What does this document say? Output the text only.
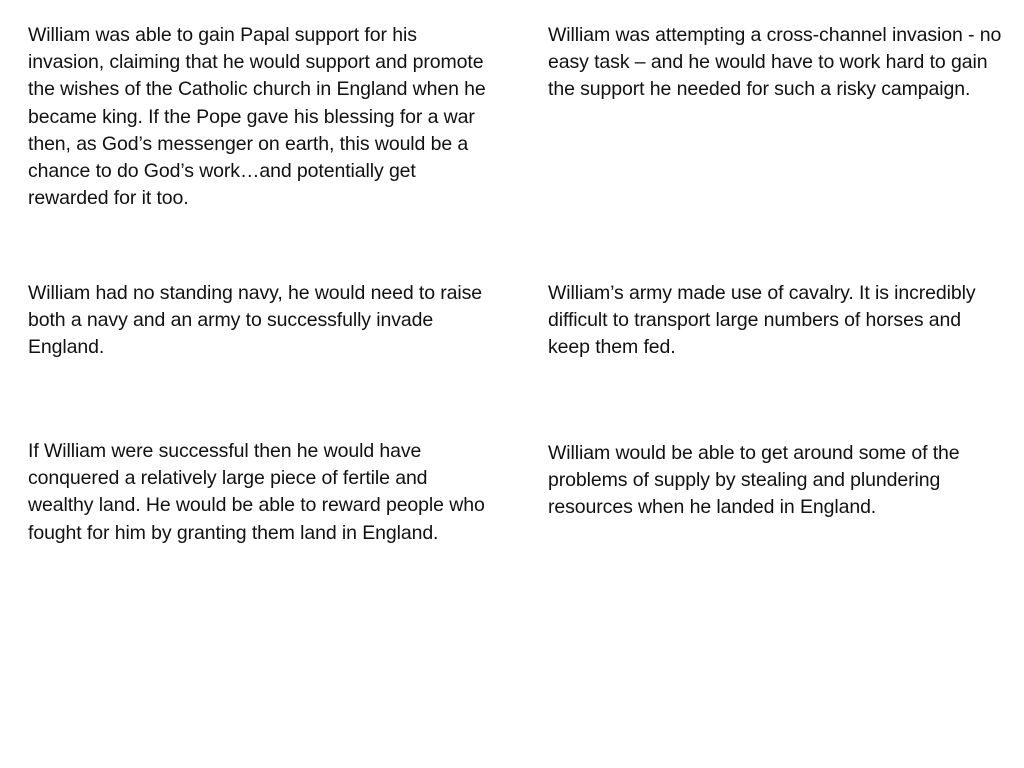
William was able to gain Papal support for his invasion, claiming that he would support and promote the wishes of the Catholic church in England when he became king. If the Pope gave his blessing for a war then, as God’s messenger on earth, this would be a chance to do God’s work…and potentially get rewarded for it too.

William was attempting a cross-channel invasion - no easy task – and he would have to work hard to gain the support he needed for such a risky campaign.

William had no standing navy, he would need to raise both a navy and an army to successfully invade England.

William’s army made use of cavalry. It is incredibly difficult to transport large numbers of horses and keep them fed.

If William were successful then he would have conquered a relatively large piece of fertile and wealthy land. He would be able to reward people who fought for him by granting them land in England.

William would be able to get around some of the problems of supply by stealing and plundering resources when he landed in England.
